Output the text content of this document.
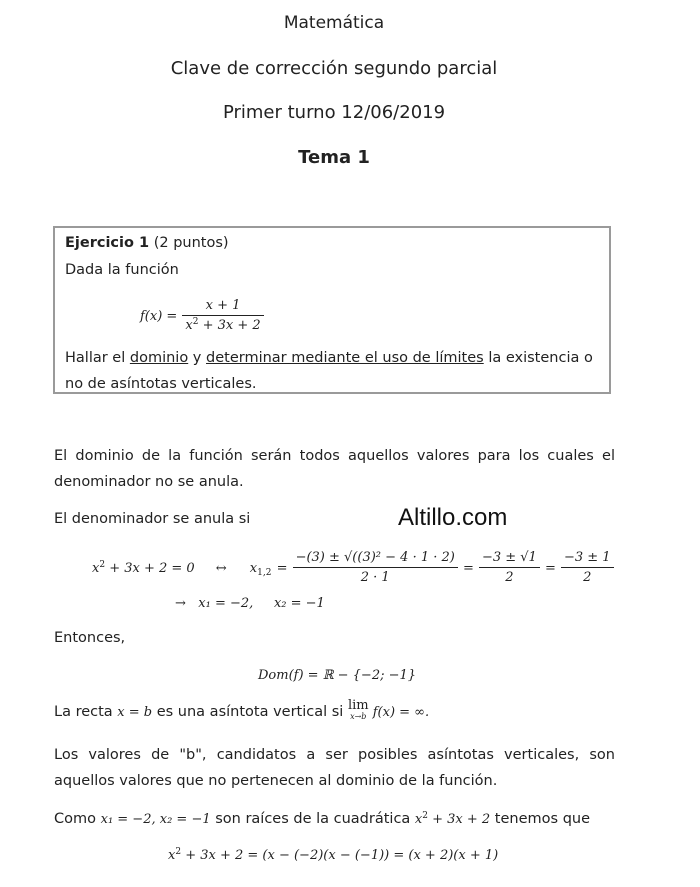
Matemática
Clave de corrección segundo parcial
Primer turno 12/06/2019
Tema 1
Ejercicio 1 (2 puntos)
Dada la función
$f(x) = \frac{x + 1}{x^2 + 3x + 2}$
Hallar el dominio y determinar mediante el uso de límites la existencia o
no de asíntotas verticales.
El dominio de la función serán todos aquellos valores para los cuales el denominador no se anula.
El denominador se anula si	Altillo.com
$x^2 + 3x + 2 = 0$ ↔ $x_{1,2} = \frac{\text{−(3) ± √((3)² − 4 · 1 · 2)}}{2 \cdot 1} = \frac{-3 \pm √1}{2} = \frac{-3 \pm 1}{2}$
→   x₁ = −2,     x₂ = −1
Entonces,
Dom(f) = ℝ − {−2; −1}
La recta x = b es una asíntota vertical si lim
x→b f(x) = ∞.
Los valores de "b", candidatos a ser posibles asíntotas verticales, son aquellos valores que no pertenecen al dominio de la función.
Como x₁ = −2, x₂ = −1 son raíces de la cuadrática $x^2 + 3x + 2$ tenemos que
$x^2 + 3x + 2 = (x - (-2)(x - (-1)) = (x + 2)(x + 1)$
